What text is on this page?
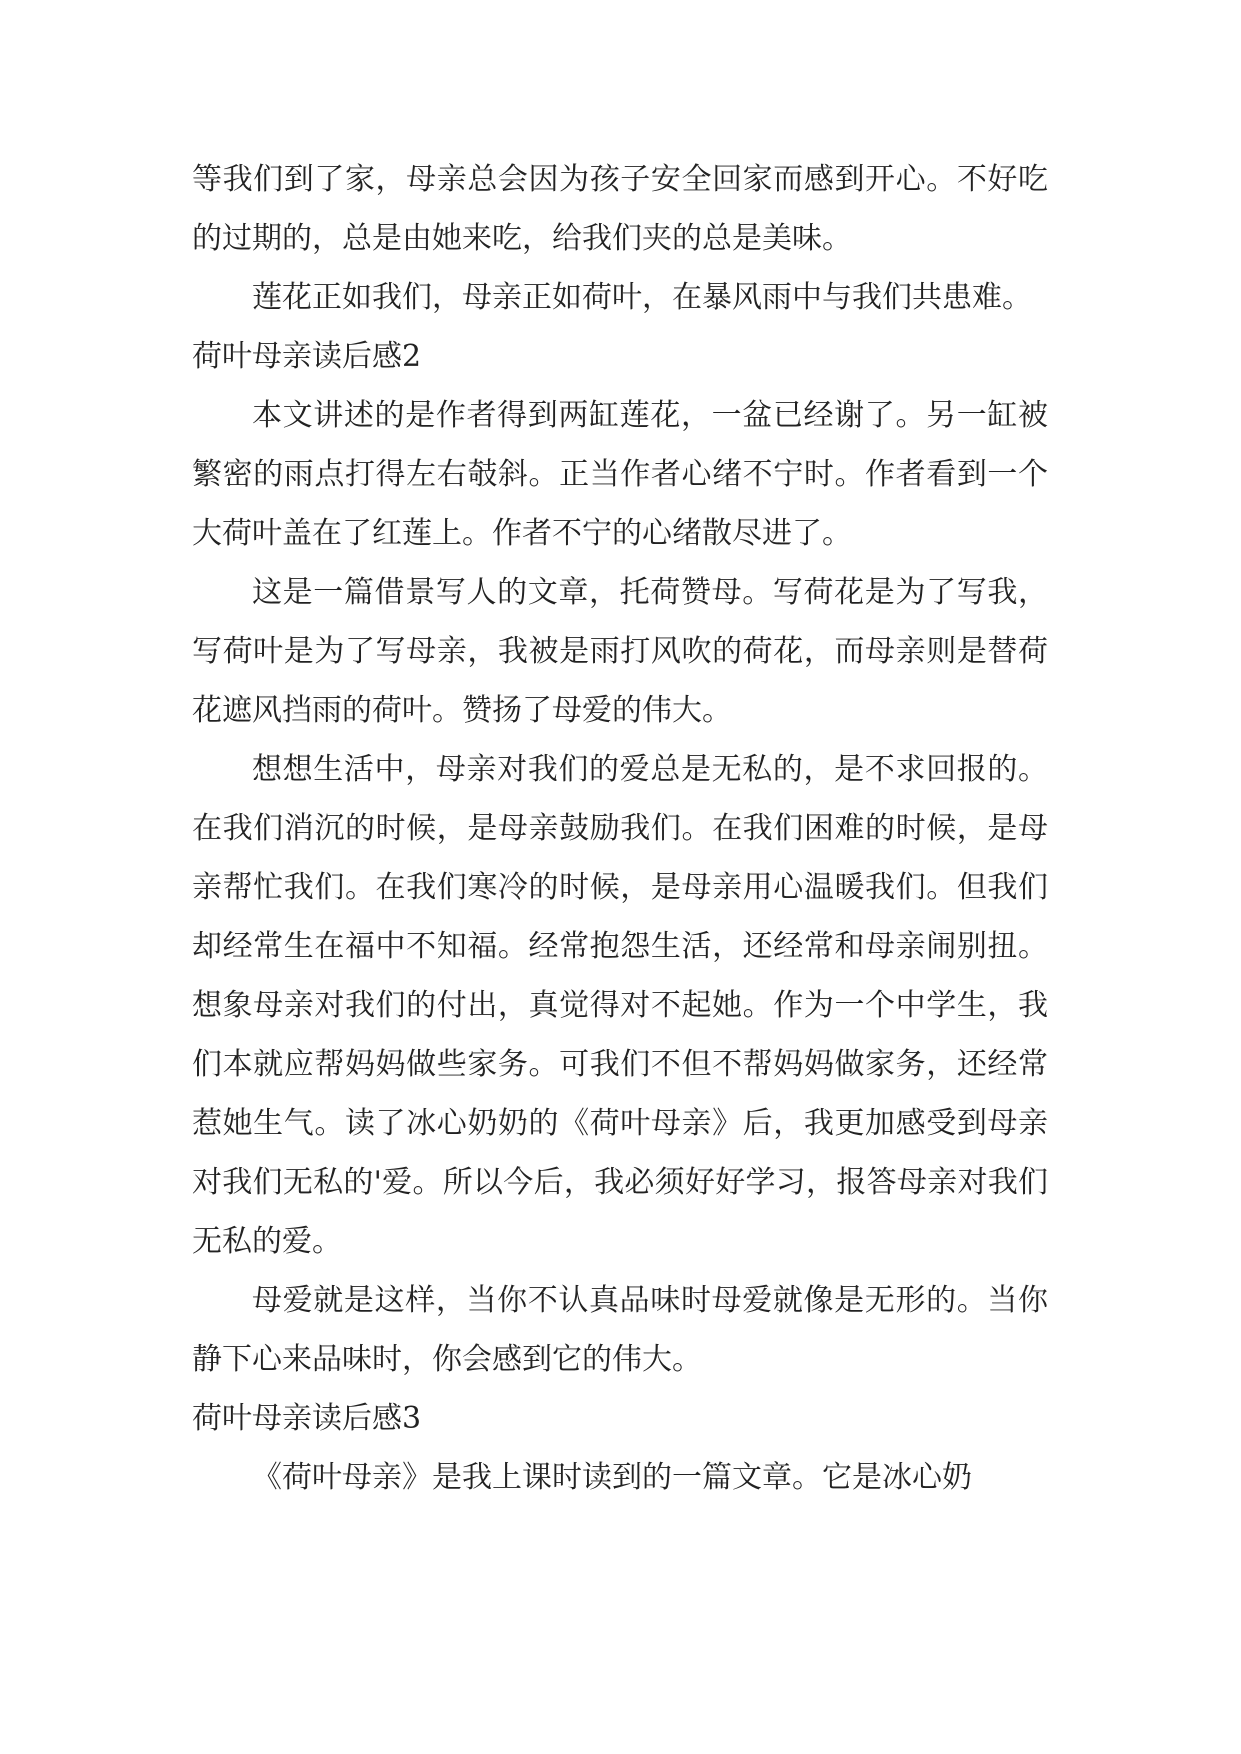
等我们到了家，母亲总会因为孩子安全回家而感到开心。不好吃的过期的，总是由她来吃，给我们夹的总是美味。

莲花正如我们，母亲正如荷叶，在暴风雨中与我们共患难。

荷叶母亲读后感2

本文讲述的是作者得到两缸莲花，一盆已经谢了。另一缸被繁密的雨点打得左右攲斜。正当作者心绪不宁时。作者看到一个大荷叶盖在了红莲上。作者不宁的心绪散尽进了。

这是一篇借景写人的文章，托荷赞母。写荷花是为了写我，写荷叶是为了写母亲，我被是雨打风吹的荷花，而母亲则是替荷花遮风挡雨的荷叶。赞扬了母爱的伟大。

想想生活中，母亲对我们的爱总是无私的，是不求回报的。在我们消沉的时候，是母亲鼓励我们。在我们困难的时候，是母亲帮忙我们。在我们寒冷的时候，是母亲用心温暖我们。但我们却经常生在福中不知福。经常抱怨生活，还经常和母亲闹别扭。想象母亲对我们的付出，真觉得对不起她。作为一个中学生，我们本就应帮妈妈做些家务。可我们不但不帮妈妈做家务，还经常惹她生气。读了冰心奶奶的《荷叶母亲》后，我更加感受到母亲对我们无私的'爱。所以今后，我必须好好学习，报答母亲对我们无私的爱。

母爱就是这样，当你不认真品味时母爱就像是无形的。当你静下心来品味时，你会感到它的伟大。

荷叶母亲读后感3

《荷叶母亲》是我上课时读到的一篇文章。它是冰心奶
